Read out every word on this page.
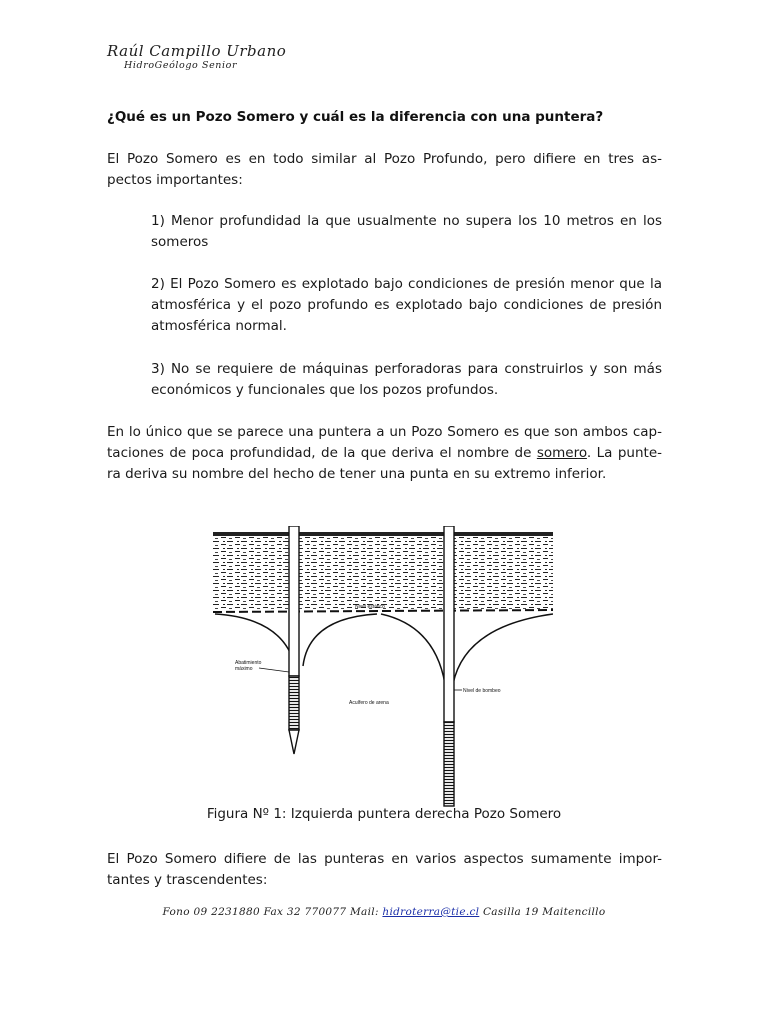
Raúl Campillo Urbano
HidroGeólogo Senior
¿Qué es un Pozo Somero y cuál es la diferencia con una puntera?
El Pozo Somero es en todo similar al Pozo Profundo, pero difiere en tres as-
pectos importantes:
1) Menor profundidad la que usualmente no supera los 10 metros en los
someros
2) El Pozo Somero es explotado bajo condiciones de presión menor que la
atmosférica y el pozo profundo es explotado bajo condiciones de presión
atmosférica normal.
3) No se requiere de máquinas perforadoras para construirlos y son más
económicos y funcionales que los pozos profundos.
En lo único que se parece una puntera a un Pozo Somero es que son ambos cap-
taciones de poca profundidad, de la que deriva el nombre de somero. La punte-
ra deriva su nombre del hecho de tener una punta en su extremo inferior.
Nivel estático
Abatimiento
máximo
Acuífero de arena
Nivel de bombeo
Figura Nº 1: Izquierda puntera derecha Pozo Somero
El Pozo Somero difiere de las punteras en varios aspectos sumamente impor-
tantes y trascendentes:
Fono 09 2231880 Fax 32 770077 Mail: hidroterra@tie.cl Casilla 19 Maitencillo
